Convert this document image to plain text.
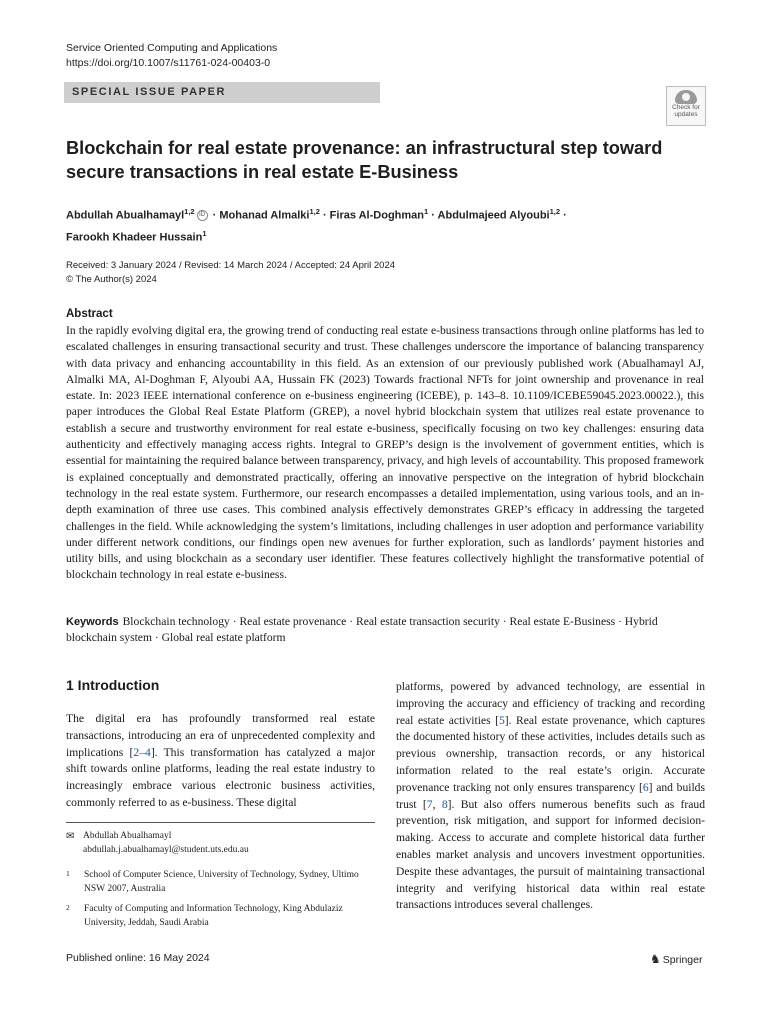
Service Oriented Computing and Applications
https://doi.org/10.1007/s11761-024-00403-0
SPECIAL ISSUE PAPER
Check for
updates
Blockchain for real estate provenance: an infrastructural step toward secure transactions in real estate E-Business
Abdullah Abualhamayl$^{1,2}$ iD · Mohanad Almalki$^{1,2}$ · Firas Al-Doghman$^1$ · Abdulmajeed Alyoubi$^{1,2}$ ·
Farookh Khadeer Hussain$^1$
Received: 3 January 2024 / Revised: 14 March 2024 / Accepted: 24 April 2024
© The Author(s) 2024
Abstract
In the rapidly evolving digital era, the growing trend of conducting real estate e-business transactions through online platforms has led to escalated challenges in ensuring transactional security and trust. These challenges underscore the importance of balancing transparency with data privacy and enhancing accountability in this field. As an extension of our previously published work (Abualhamayl AJ, Almalki MA, Al-Doghman F, Alyoubi AA, Hussain FK (2023) Towards fractional NFTs for joint ownership and provenance in real estate. In: 2023 IEEE international conference on e-business engineering (ICEBE), p. 143–8. 10.1109/ICEBE59045.2023.00022.), this paper introduces the Global Real Estate Platform (GREP), a novel hybrid blockchain system that utilizes real estate provenance to establish a secure and trustworthy environment for real estate e-business, specifically focusing on two key challenges: ensuring data authenticity and effectively managing access rights. Integral to GREP’s design is the involvement of government entities, which is essential for maintaining the required balance between transparency, privacy, and high levels of accountability. This proposed framework is explained conceptually and demonstrated practically, offering an innovative perspective on the integration of hybrid blockchain technology in the real estate system. Furthermore, our research encompasses a detailed implementation, using various tools, and an in-depth examination of three use cases. This combined analysis effectively demonstrates GREP’s efficacy in addressing the targeted challenges in the field. While acknowledging the system’s limitations, including challenges in user adoption and performance variability under different network conditions, our findings open new avenues for further exploration, such as landlords’ payment histories and utility bills, and using blockchain as a secondary user identifier. These features collectively highlight the transformative potential of blockchain technology in real estate e-business.
Keywords Blockchain technology · Real estate provenance · Real estate transaction security · Real estate E-Business · Hybrid blockchain system · Global real estate platform
1 Introduction
The digital era has profoundly transformed real estate transactions, introducing an era of unprecedented complexity and implications [2–4]. This transformation has catalyzed a major shift towards online platforms, leading the real estate industry to increasingly embrace various electronic business activities, commonly referred to as e-business. These digital
platforms, powered by advanced technology, are essential in improving the accuracy and efficiency of tracking and recording real estate activities [5]. Real estate provenance, which captures the documented history of these activities, includes details such as previous ownership, transaction records, or any historical information related to the real estate’s origin. Accurate provenance tracking not only ensures transparency [6] and builds trust [7, 8]. But also offers numerous benefits such as fraud prevention, risk mitigation, and support for informed decision-making. Access to accurate and complete historical data further enables market analysis and uncovers investment opportunities. Despite these advantages, the pursuit of maintaining transactional integrity and verifying historical data within real estate transactions introduces several challenges.
✉ Abdullah Abualhamayl
abdullah.j.abualhamayl@student.uts.edu.au
1 School of Computer Science, University of Technology, Sydney, Ultimo NSW 2007, Australia
2 Faculty of Computing and Information Technology, King Abdulaziz University, Jeddah, Saudi Arabia
Published online: 16 May 2024	♞ Springer
